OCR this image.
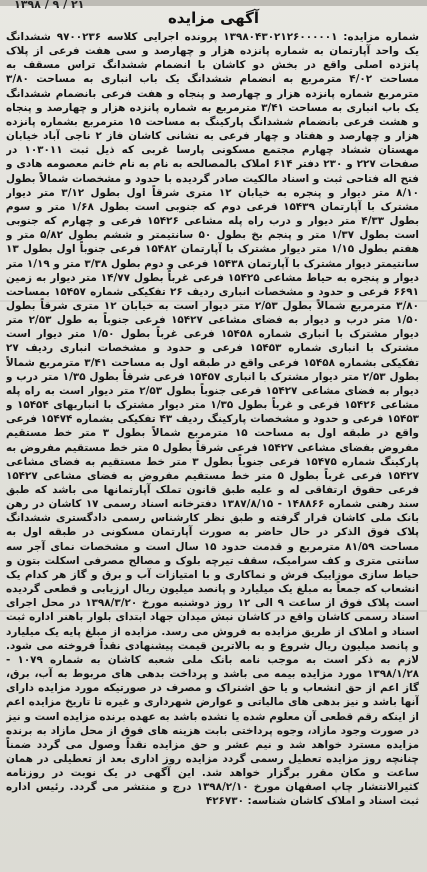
۲۱ / ۹ / ۱۳۹۸
آگهی مزایده

شماره مزایده: ۱۳۹۸۰۴۳۰۲۱۲۶۰۰۰۰۰۱ پرونده اجرایی کلاسه ۹۷۰۰۲۳۶ ششدانگ یک واحد آپارتمان به شماره پانزده هزار و چهارصد و سی هفت فرعی از پلاک پانزده اصلی واقع در بخش دو کاشان با انضمام ششدانگ تراس مسقف به مساحت ۴/۰۲ مترمربع به انضمام ششدانگ یک باب انباری به مساحت ۳/۸۰ مترمربع شماره پانزده هزار و چهارصد و پنجاه و هفت فرعی بانضمام ششدانگ یک باب انباری به مساحت ۳/۴۱ مترمربع به شماره پانزده هزار و چهارصد و پنجاه و هشت فرعی بانضمام ششدانگ پارکینگ به مساحت ۱۵ مترمربع بشماره پانزده هزار و چهارصد و هفتاد و چهار فرعی به نشانی کاشان فاز ۲ ناجی آباد خیابان مهستان ششاد چهارم مجتمع مسکونی پارسا غربی که ذیل ثبت ۱۰۳۰۱۱ در صفحات ۲۲۷ و ۲۳۰ دفتر ۶۱۴ املاک بالمصالحه به نام به نام خانم معصومه هادی و فتح اله فتاحی ثبت و اسناد مالکیت صادر گردیده با حدود و مشخصات شمالاً بطول ۸/۱۰ متر دیوار و پنجره به خیابان ۱۲ متری شرقاً اول بطول ۳/۱۲ متر دیوار مشترک با آپارتمان ۱۵۴۳۹ فرعی دوم که جنوبی است بطول ۱/۶۸ متر و سوم بطول ۴/۳۳ متر دیوار و درب راه پله مشاعی ۱۵۴۲۶ فرعی و چهارم که جنوبی است بطول ۱/۳۷ متر و پنجم بخ بطول ۵۰ سانتیمتر و ششم بطول ۵/۸۲ متر و هفتم بطول ۱/۱۵ متر دیوار مشترک با آپارتمان ۱۵۴۸۲ فرعی جنوباً اول بطول ۱۳ سانتیمتر دیوار مشترک با آپارتمان ۱۵۴۳۸ فرعی و دوم بطول ۳/۳۸ متر و ۱/۱۹ متر دیوار و پنجره به حیاط مشاعی ۱۵۴۲۵ فرعی غرباً بطول ۱۴/۷۷ متر دیوار به زمین ۶۶۹۱ فرعی و حدود و مشخصات انباری ردیف ۲۶ تفکیکی شماره ۱۵۴۵۷ بمساحت ۳/۸۰ مترمربع شمالاً بطول ۲/۵۳ متر دیوار است به خیابان ۱۲ متری شرقاً بطول ۱/۵۰ متر درب و دیوار به فضای مشاعی ۱۵۴۲۷ فرعی جنوباً به طول ۲/۵۳ متر دیوار مشترک با انباری شماره ۱۵۴۵۸ فرعی غرباً بطول ۱/۵۰ متر دیوار است مشترک با انباری شماره ۱۵۴۵۳ فرعی و حدود و مشخصات انباری ردیف ۲۷ تفکیکی بشماره ۱۵۴۵۸ فرعی واقع در طبقه اول به مساحت ۳/۴۱ مترمربع شمالاً بطول ۲/۵۳ متر دیوار مشترک با انباری ۱۵۴۵۷ فرعی شرقاً بطول ۱/۳۵ متر درب و دیوار به فضای مشاعی ۱۵۴۲۷ فرعی جنوباً بطول ۲/۵۳ متر دیوار است به راه پله مشاعی ۱۵۴۲۶ فرعی و غرباً بطول ۱/۳۵ متر دیوار مشترک با انباریهای ۱۵۴۵۴ و ۱۵۴۵۳ فرعی و حدود و مشخصات پارکینگ ردیف ۴۳ تفکیکی بشماره ۱۵۴۷۴ فرعی واقع در طبقه اول به مساحت ۱۵ مترمربع شمالاً بطول ۳ متر خط مستقیم مفروض بفضای مشاعی ۱۵۴۲۷ فرعی شرقاً بطول ۵ متر خط مستقیم مفروض به پارکینگ شماره ۱۵۴۷۵ فرعی جنوباً بطول ۳ متر خط مستقیم به فضای مشاعی ۱۵۴۲۷ فرعی غرباً بطول ۵ متر خط مستقیم مفروض به فضای مشاعی ۱۵۴۲۷ فرعی حقوق ارتفاقی له و علیه طبق قانون تملک آپارتمانها می باشد که طبق سند رهنی شماره ۱۴۸۸۶۶ - ۱۳۸۷/۸/۱۵ دفترخانه اسناد رسمی ۱۷ کاشان در رهن بانک ملی کاشان قرار گرفته و طبق نظر کارشناس رسمی دادگستری ششدانگ پلاک فوق الذکر در حال حاضر به صورت آپارتمان مسکونی در طبقه اول به مساحت ۸۱/۵۹ مترمربع و قدمت حدود ۱۵ سال است و مشخصات نمای آجر سه سانتی متری و کف سرامیک، سقف تیرچه بلوک و مصالح مصرفی اسکلت بتون و حیاط سازی موزاییک فرش و نماکاری و با امتیازات آب و برق و گاز هر کدام یک انشعاب که جمعاً به مبلغ یک میلیارد و پانصد میلیون ریال ارزیابی و قطعی گردیده است پلاک فوق از ساعت ۹ الی ۱۲ روز دوشنبه مورخ ۱۳۹۸/۳/۲۰ در محل اجرای اسناد رسمی کاشان واقع در کاشان نبش میدان جهاد ابتدای بلوار باهنر اداره ثبت اسناد و املاک از طریق مزایده به فروش می رسد. مزایده از مبلغ پایه یک میلیارد و پانصد میلیون ریال شروع و به بالاترین قیمت پیشنهادی نقداً فروخته می شود. لازم به ذکر است به موجب نامه بانک ملی شعبه کاشان به شماره ۱۰۷۹ - ۱۳۹۸/۱/۲۸ مورد مزایده بیمه می باشد و پرداخت بدهی های مربوط به آب، برق، گاز اعم از حق انشعاب و یا حق اشتراک و مصرف در صورتیکه مورد مزایده دارای آنها باشد و نیز بدهی های مالیاتی و عوارض شهرداری و غیره تا تاریخ مزایده اعم از اینکه رقم قطعی آن معلوم شده یا نشده باشد به عهده برنده مزایده است و نیز در صورت وجود مازاد، وجوه پرداختی بابت هزینه های فوق از محل مازاد به برنده مزایده مسترد خواهد شد و نیم عشر و حق مزایده نقداً وصول می گردد ضمناً چنانچه روز مزایده تعطیل رسمی گردد مزایده روز اداری بعد از تعطیلی در همان ساعت و مکان مقرر برگزار خواهد شد. این آگهی در یک نوبت در روزنامه کثیرالانتشار چاپ اصفهان مورخ ۱۳۹۸/۲/۱۰ درج و منتشر می گردد. رئیس اداره ثبت اسناد و املاک کاشان شناسه: ۴۲۶۷۳۰
